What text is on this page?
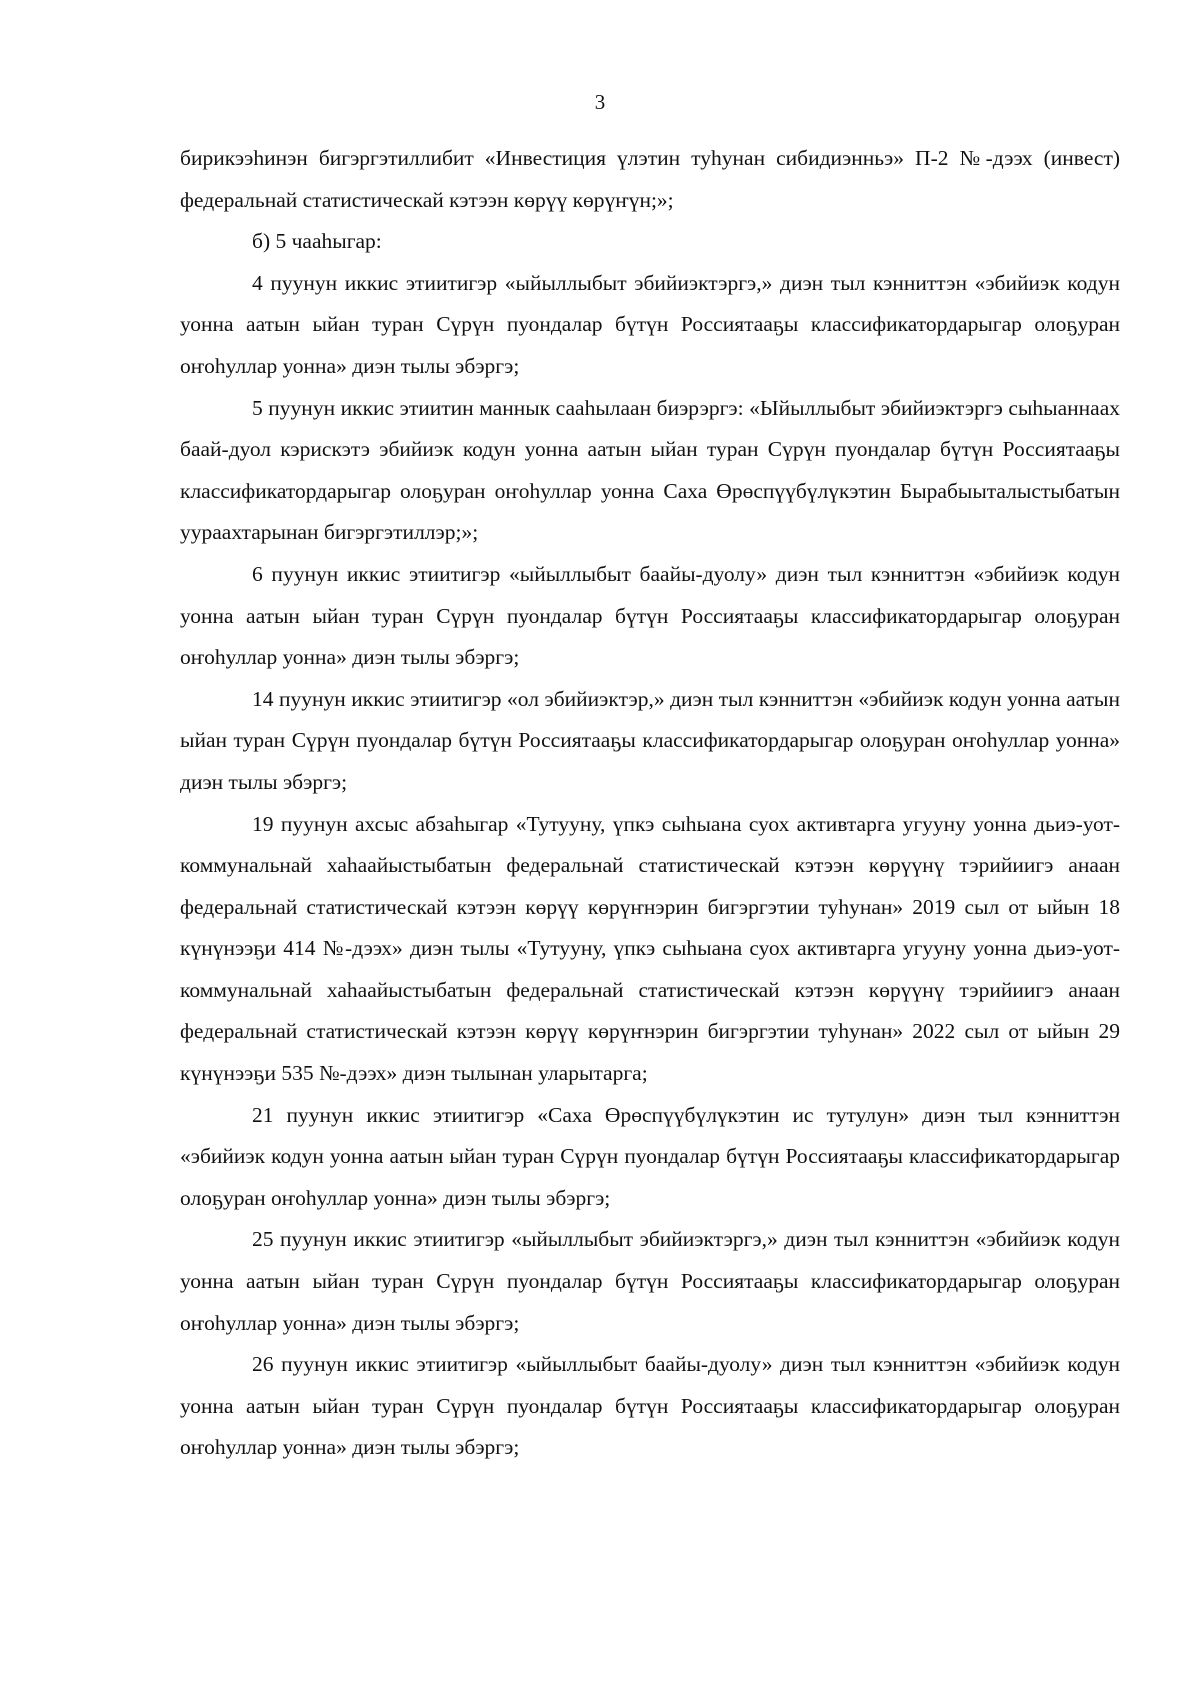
3

бирикээһинэн бигэргэтиллибит «Инвестиция үлэтин туһунан сибидиэнньэ» П-2 №-дээх (инвест) федеральнай статистическай кэтээн көрүү көрүҥүн;»;

б) 5 чааһыгар:

4 пуунун иккис этиитигэр «ыйыллыбыт эбийиэктэргэ,» диэн тыл кэнниттэн «эбийиэк кодун уонна аатын ыйан туран Сүрүн пуондалар бүтүн Россиятааҕы классификатордарыгар олоҕуран оҥоһуллар уонна» диэн тылы эбэргэ;

5 пуунун иккис этиитин маннык сааһылаан биэрэргэ: «Ыйыллыбыт эбийиэктэргэ сыһыаннаах баай-дуол кэрискэтэ эбийиэк кодун уонна аатын ыйан туран Сүрүн пуондалар бүтүн Россиятааҕы классификатордарыгар олоҕуран оҥоһуллар уонна Саха Өрөспүүбүлүкэтин Бырабыыталыстыбатын уураахтарынан бигэргэтиллэр;»;

6 пуунун иккис этиитигэр «ыйыллыбыт баайы-дуолу» диэн тыл кэнниттэн «эбийиэк кодун уонна аатын ыйан туран Сүрүн пуондалар бүтүн Россиятааҕы классификатордарыгар олоҕуран оҥоһуллар уонна» диэн тылы эбэргэ;

14 пуунун иккис этиитигэр «ол эбийиэктэр,» диэн тыл кэнниттэн «эбийиэк кодун уонна аатын ыйан туран Сүрүн пуондалар бүтүн Россиятааҕы классификатордарыгар олоҕуран оҥоһуллар уонна» диэн тылы эбэргэ;

19 пуунун ахсыс абзаһыгар «Тутууну, үпкэ сыһыана суох активтарга угууну уонна дьиэ-уот-коммунальнай хаһаайыстыбатын федеральнай статистическай кэтээн көрүүнү тэрийиигэ анаан федеральнай статистическай кэтээн көрүү көрүҥнэрин бигэргэтии туһунан» 2019 сыл от ыйын 18 күнүнээҕи 414 №-дээх» диэн тылы «Тутууну, үпкэ сыһыана суох активтарга угууну уонна дьиэ-уот-коммунальнай хаһаайыстыбатын федеральнай статистическай кэтээн көрүүнү тэрийиигэ анаан федеральнай статистическай кэтээн көрүү көрүҥнэрин бигэргэтии туһунан» 2022 сыл от ыйын 29 күнүнээҕи 535 №-дээх» диэн тылынан уларытарга;

21 пуунун иккис этиитигэр «Саха Өрөспүүбүлүкэтин ис тутулун» диэн тыл кэнниттэн «эбийиэк кодун уонна аатын ыйан туран Сүрүн пуондалар бүтүн Россиятааҕы классификатордарыгар олоҕуран оҥоһуллар уонна» диэн тылы эбэргэ;

25 пуунун иккис этиитигэр «ыйыллыбыт эбийиэктэргэ,» диэн тыл кэнниттэн «эбийиэк кодун уонна аатын ыйан туран Сүрүн пуондалар бүтүн Россиятааҕы классификатордарыгар олоҕуран оҥоһуллар уонна» диэн тылы эбэргэ;

26 пуунун иккис этиитигэр «ыйыллыбыт баайы-дуолу» диэн тыл кэнниттэн «эбийиэк кодун уонна аатын ыйан туран Сүрүн пуондалар бүтүн Россиятааҕы классификатордарыгар олоҕуран оҥоһуллар уонна» диэн тылы эбэргэ;
